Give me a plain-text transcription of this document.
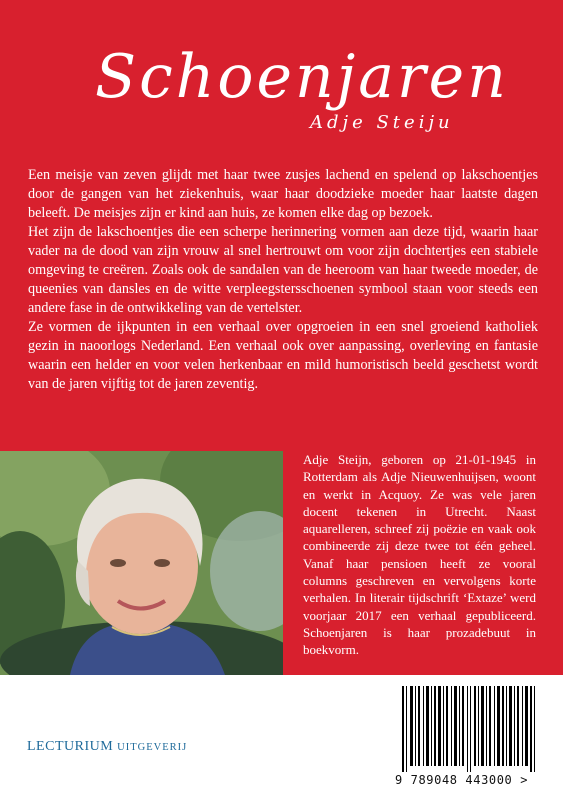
Schoenjaren
Adje Steiju

Een meisje van zeven glijdt met haar twee zusjes lachend en spelend op lakschoentjes door de gangen van het ziekenhuis, waar haar doodzieke moeder haar laatste dagen beleeft. De meisjes zijn er kind aan huis, ze komen elke dag op bezoek.

Het zijn de lakschoentjes die een scherpe herinnering vormen aan deze tijd, waarin haar vader na de dood van zijn vrouw al snel hertrouwt om voor zijn dochtertjes een stabiele omgeving te creëren. Zoals ook de sandalen van de heeroom van haar tweede moeder, de queenies van dansles en de witte verpleegstersschoenen symbool staan voor steeds een andere fase in de ontwikkeling van de vertelster.

Ze vormen de ijkpunten in een verhaal over opgroeien in een snel groeiend katholiek gezin in naoorlogs Nederland. Een verhaal ook over aanpassing, overleving en fantasie waarin een helder en voor velen herkenbaar en mild humoristisch beeld geschetst wordt van de jaren vijftig tot de jaren zeventig.

Adje Steijn, geboren op 21-01-1945 in Rotterdam als Adje Nieuwenhuijsen, woont en werkt in Acquoy. Ze was vele jaren docent tekenen in Utrecht. Naast aquarelleren, schreef zij poëzie en vaak ook combineerde zij deze twee tot één geheel. Vanaf haar pensioen heeft ze vooral columns geschreven en vervolgens korte verhalen. In literair tijdschrift ‘Extaze’ werd voorjaar 2017 een verhaal gepubliceerd. Schoenjaren is haar prozadebuut in boekvorm.
LECTURIUM UITGEVERIJ
9 789048 443000 >
